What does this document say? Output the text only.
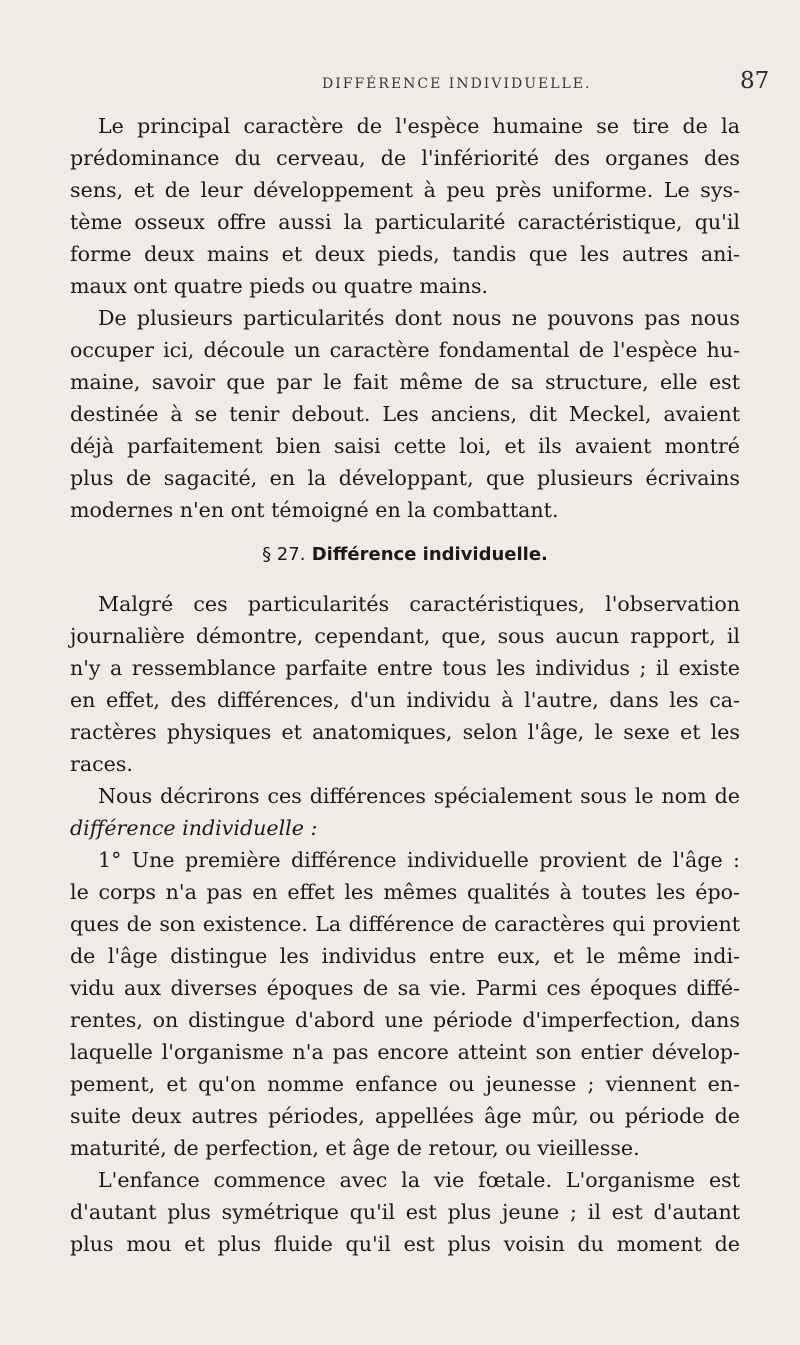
DIFFÉRENCE INDIVIDUELLE.	87
Le principal caractère de l'espèce humaine se tire de la
prédominance du cerveau, de l'infériorité des organes des
sens, et de leur développement à peu près uniforme. Le sys-
tème osseux offre aussi la particularité caractéristique, qu'il
forme deux mains et deux pieds, tandis que les autres ani-
maux ont quatre pieds ou quatre mains.
De plusieurs particularités dont nous ne pouvons pas nous
occuper ici, découle un caractère fondamental de l'espèce hu-
maine, savoir que par le fait même de sa structure, elle est
destinée à se tenir debout. Les anciens, dit Meckel, avaient
déjà parfaitement bien saisi cette loi, et ils avaient montré
plus de sagacité, en la développant, que plusieurs écrivains
modernes n'en ont témoigné en la combattant.
§ 27. Différence individuelle.
Malgré ces particularités caractéristiques, l'observation
journalière démontre, cependant, que, sous aucun rapport, il
n'y a ressemblance parfaite entre tous les individus ; il existe
en effet, des différences, d'un individu à l'autre, dans les ca-
ractères physiques et anatomiques, selon l'âge, le sexe et les
races.
Nous décrirons ces différences spécialement sous le nom de
différence individuelle :
1° Une première différence individuelle provient de l'âge :
le corps n'a pas en effet les mêmes qualités à toutes les épo-
ques de son existence. La différence de caractères qui provient
de l'âge distingue les individus entre eux, et le même indi-
vidu aux diverses époques de sa vie. Parmi ces époques diffé-
rentes, on distingue d'abord une période d'imperfection, dans
laquelle l'organisme n'a pas encore atteint son entier dévelop-
pement, et qu'on nomme enfance ou jeunesse ; viennent en-
suite deux autres périodes, appellées âge mûr, ou période de
maturité, de perfection, et âge de retour, ou vieillesse.
L'enfance commence avec la vie fœtale. L'organisme est
d'autant plus symétrique qu'il est plus jeune ; il est d'autant
plus mou et plus fluide qu'il est plus voisin du moment de
